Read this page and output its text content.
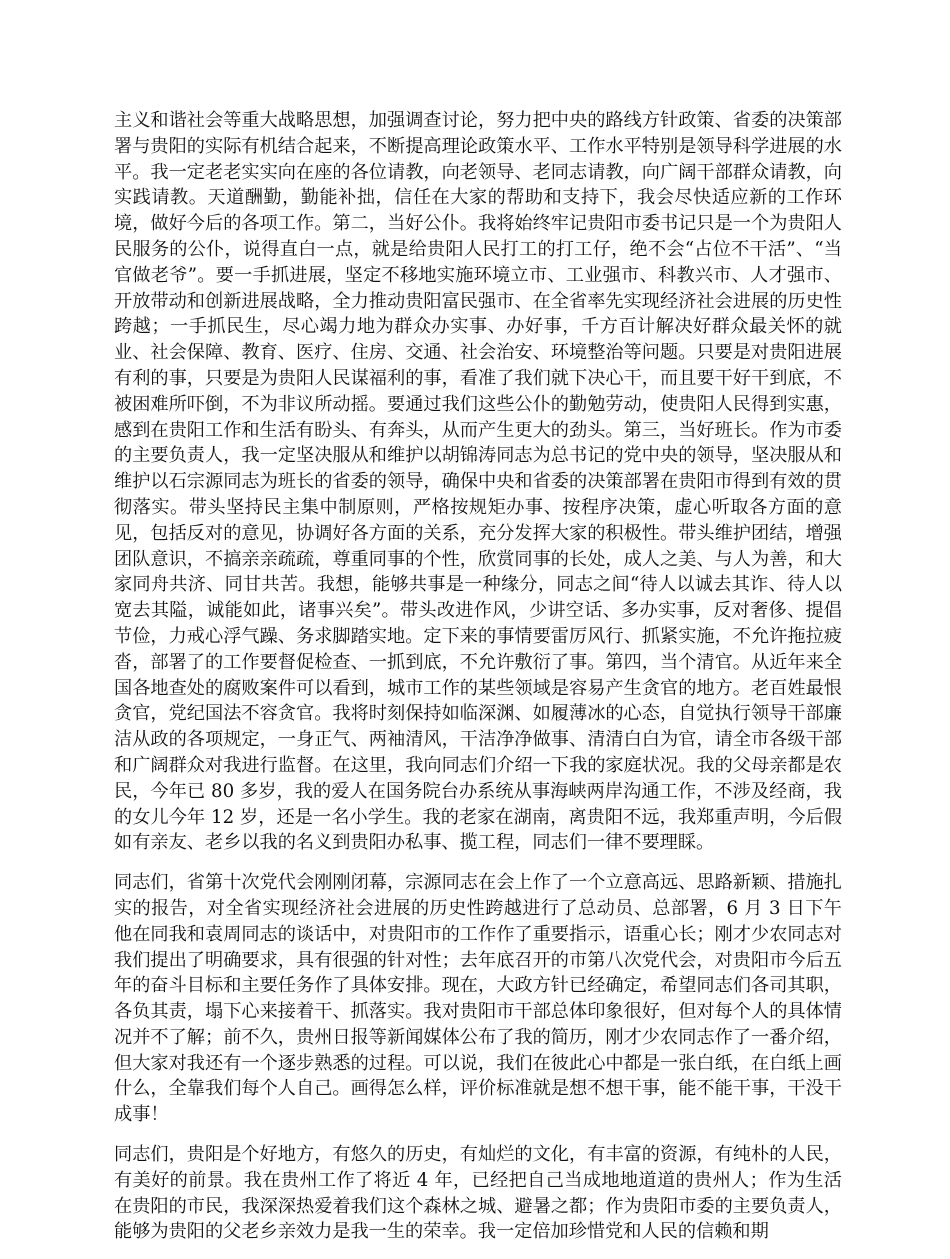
主义和谐社会等重大战略思想，加强调查讨论，努力把中央的路线方针政策、省委的决策部署与贵阳的实际有机结合起来，不断提高理论政策水平、工作水平特别是领导科学进展的水平。我一定老老实实向在座的各位请教，向老领导、老同志请教，向广阔干部群众请教，向实践请教。天道酬勤，勤能补拙，信任在大家的帮助和支持下，我会尽快适应新的工作环境，做好今后的各项工作。第二，当好公仆。我将始终牢记贵阳市委书记只是一个为贵阳人民服务的公仆，说得直白一点，就是给贵阳人民打工的打工仔，绝不会“占位不干活”、“当官做老爷”。要一手抓进展，坚定不移地实施环境立市、工业强市、科教兴市、人才强市、开放带动和创新进展战略，全力推动贵阳富民强市、在全省率先实现经济社会进展的历史性跨越；一手抓民生，尽心竭力地为群众办实事、办好事，千方百计解决好群众最关怀的就业、社会保障、教育、医疗、住房、交通、社会治安、环境整治等问题。只要是对贵阳进展有利的事，只要是为贵阳人民谋福利的事，看准了我们就下决心干，而且要干好干到底，不被困难所吓倒，不为非议所动摇。要通过我们这些公仆的勤勉劳动，使贵阳人民得到实惠，感到在贵阳工作和生活有盼头、有奔头，从而产生更大的劲头。第三，当好班长。作为市委的主要负责人，我一定坚决服从和维护以胡锦涛同志为总书记的党中央的领导，坚决服从和维护以石宗源同志为班长的省委的领导，确保中央和省委的决策部署在贵阳市得到有效的贯彻落实。带头坚持民主集中制原则，严格按规矩办事、按程序决策，虚心听取各方面的意见，包括反对的意见，协调好各方面的关系，充分发挥大家的积极性。带头维护团结，增强团队意识，不搞亲亲疏疏，尊重同事的个性，欣赏同事的长处，成人之美、与人为善，和大家同舟共济、同甘共苦。我想，能够共事是一种缘分，同志之间“待人以诚去其诈、待人以宽去其隘，诚能如此，诸事兴矣”。带头改进作风，少讲空话、多办实事，反对奢侈、提倡节俭，力戒心浮气躁、务求脚踏实地。定下来的事情要雷厉风行、抓紧实施，不允许拖拉疲沓，部署了的工作要督促检查、一抓到底，不允许敷衍了事。第四，当个清官。从近年来全国各地查处的腐败案件可以看到，城市工作的某些领域是容易产生贪官的地方。老百姓最恨贪官，党纪国法不容贪官。我将时刻保持如临深渊、如履薄冰的心态，自觉执行领导干部廉洁从政的各项规定，一身正气、两袖清风，干洁净净做事、清清白白为官，请全市各级干部和广阔群众对我进行监督。在这里，我向同志们介绍一下我的家庭状况。我的父母亲都是农民，今年已 80 多岁，我的爱人在国务院台办系统从事海峡两岸沟通工作，不涉及经商，我的女儿今年 12 岁，还是一名小学生。我的老家在湖南，离贵阳不远，我郑重声明，今后假如有亲友、老乡以我的名义到贵阳办私事、揽工程，同志们一律不要理睬。

同志们，省第十次党代会刚刚闭幕，宗源同志在会上作了一个立意高远、思路新颖、措施扎实的报告，对全省实现经济社会进展的历史性跨越进行了总动员、总部署，6 月 3 日下午他在同我和袁周同志的谈话中，对贵阳市的工作作了重要指示，语重心长；刚才少农同志对我们提出了明确要求，具有很强的针对性；去年底召开的市第八次党代会，对贵阳市今后五年的奋斗目标和主要任务作了具体安排。现在，大政方针已经确定，希望同志们各司其职，各负其责，塌下心来接着干、抓落实。我对贵阳市干部总体印象很好，但对每个人的具体情况并不了解；前不久，贵州日报等新闻媒体公布了我的简历，刚才少农同志作了一番介绍，但大家对我还有一个逐步熟悉的过程。可以说，我们在彼此心中都是一张白纸，在白纸上画什么，全靠我们每个人自己。画得怎么样，评价标准就是想不想干事，能不能干事，干没干成事！

同志们，贵阳是个好地方，有悠久的历史，有灿烂的文化，有丰富的资源，有纯朴的人民，有美好的前景。我在贵州工作了将近 4 年，已经把自己当成地地道道的贵州人；作为生活在贵阳的市民，我深深热爱着我们这个森林之城、避暑之都；作为贵阳市委的主要负责人，能够为贵阳的父老乡亲效力是我一生的荣幸。我一定倍加珍惜党和人民的信赖和期
